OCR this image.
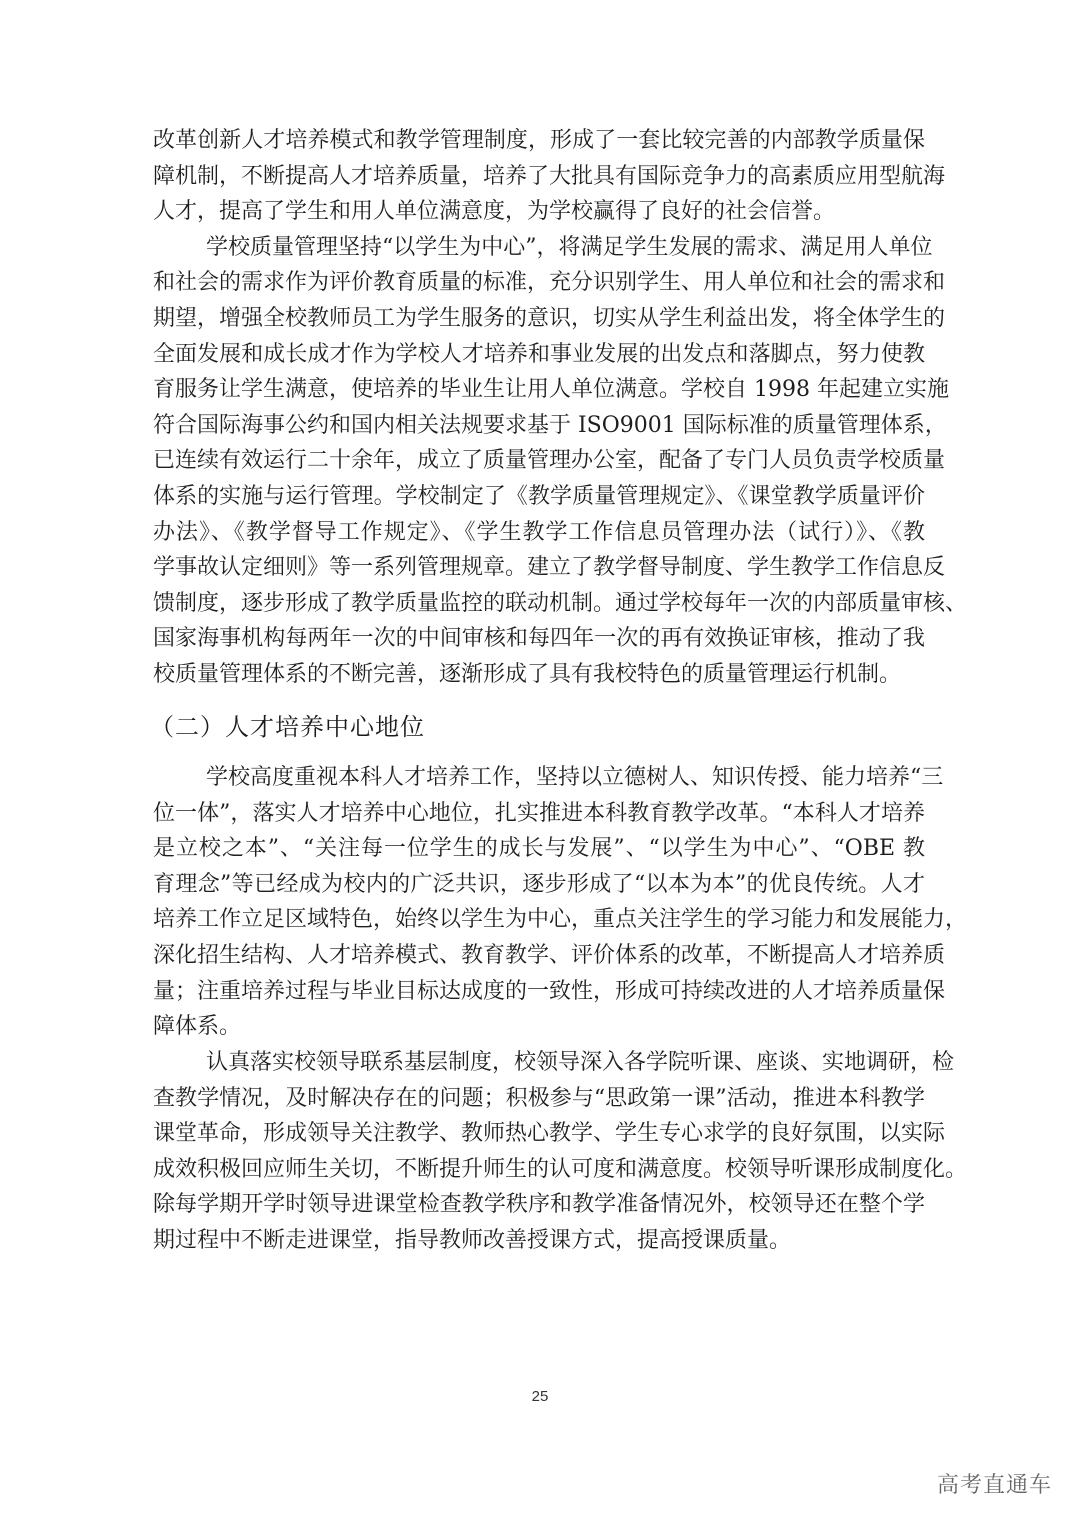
改革创新人才培养模式和教学管理制度，形成了一套比较完善的内部教学质量保
障机制，不断提高人才培养质量，培养了大批具有国际竞争力的高素质应用型航海
人才，提高了学生和用人单位满意度，为学校赢得了良好的社会信誉。
学校质量管理坚持“以学生为中心”，将满足学生发展的需求、满足用人单位
和社会的需求作为评价教育质量的标准，充分识别学生、用人单位和社会的需求和
期望，增强全校教师员工为学生服务的意识，切实从学生利益出发，将全体学生的
全面发展和成长成才作为学校人才培养和事业发展的出发点和落脚点，努力使教
育服务让学生满意，使培养的毕业生让用人单位满意。学校自 1998 年起建立实施
符合国际海事公约和国内相关法规要求基于 ISO9001 国际标准的质量管理体系，
已连续有效运行二十余年，成立了质量管理办公室，配备了专门人员负责学校质量
体系的实施与运行管理。学校制定了《教学质量管理规定》、《课堂教学质量评价
办法》、《教学督导工作规定》、《学生教学工作信息员管理办法（试行）》、《教
学事故认定细则》等一系列管理规章。建立了教学督导制度、学生教学工作信息反
馈制度，逐步形成了教学质量监控的联动机制。通过学校每年一次的内部质量审核、
国家海事机构每两年一次的中间审核和每四年一次的再有效换证审核，推动了我
校质量管理体系的不断完善，逐渐形成了具有我校特色的质量管理运行机制。
（二）人才培养中心地位
学校高度重视本科人才培养工作，坚持以立德树人、知识传授、能力培养“三
位一体”，落实人才培养中心地位，扎实推进本科教育教学改革。“本科人才培养
是立校之本”、“关注每一位学生的成长与发展”、“以学生为中心”、“OBE 教
育理念”等已经成为校内的广泛共识，逐步形成了“以本为本”的优良传统。人才
培养工作立足区域特色，始终以学生为中心，重点关注学生的学习能力和发展能力，
深化招生结构、人才培养模式、教育教学、评价体系的改革，不断提高人才培养质
量；注重培养过程与毕业目标达成度的一致性，形成可持续改进的人才培养质量保
障体系。
认真落实校领导联系基层制度，校领导深入各学院听课、座谈、实地调研，检
查教学情况，及时解决存在的问题；积极参与“思政第一课”活动，推进本科教学
课堂革命，形成领导关注教学、教师热心教学、学生专心求学的良好氛围，以实际
成效积极回应师生关切，不断提升师生的认可度和满意度。校领导听课形成制度化。
除每学期开学时领导进课堂检查教学秩序和教学准备情况外，校领导还在整个学
期过程中不断走进课堂，指导教师改善授课方式，提高授课质量。
25
高考直通车
